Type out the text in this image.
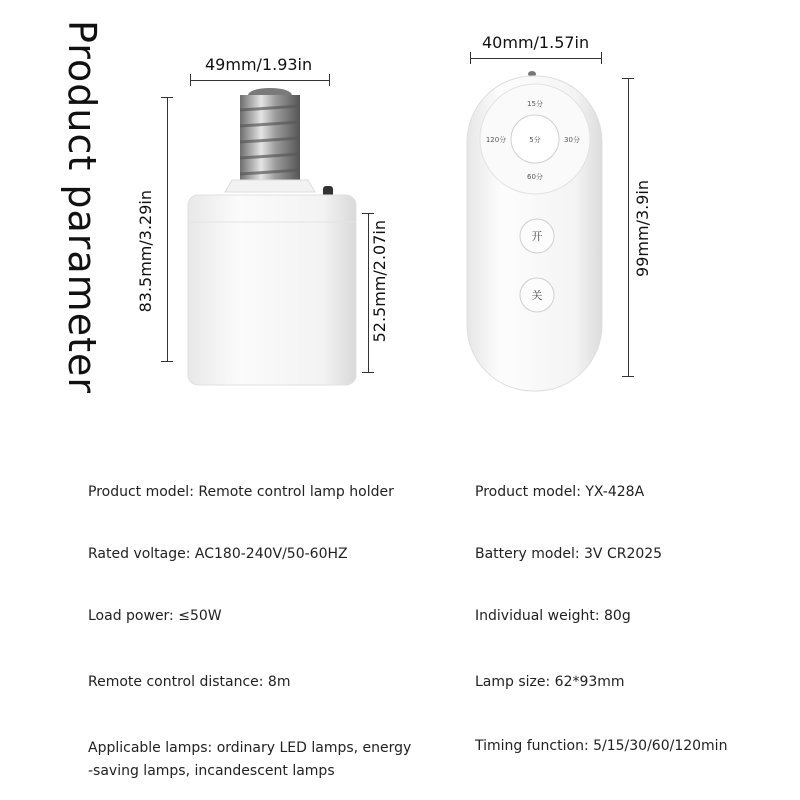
Product parameter	49mm/1.93in
83.5mm/3.29in	52.5mm/2.07in
5分
15分
120分	30分
60分
开
关
40mm/1.57in
99mm/3.9in
Product model: Remote control lamp holder
Rated voltage: AC180-240V/50-60HZ
Load power: ≤50W
Remote control distance: 8m
Applicable lamps: ordinary LED lamps, energy
-saving lamps, incandescent lamps
Product model: YX-428A
Battery model: 3V CR2025
Individual weight: 80g
Lamp size: 62*93mm
Timing function: 5/15/30/60/120min
